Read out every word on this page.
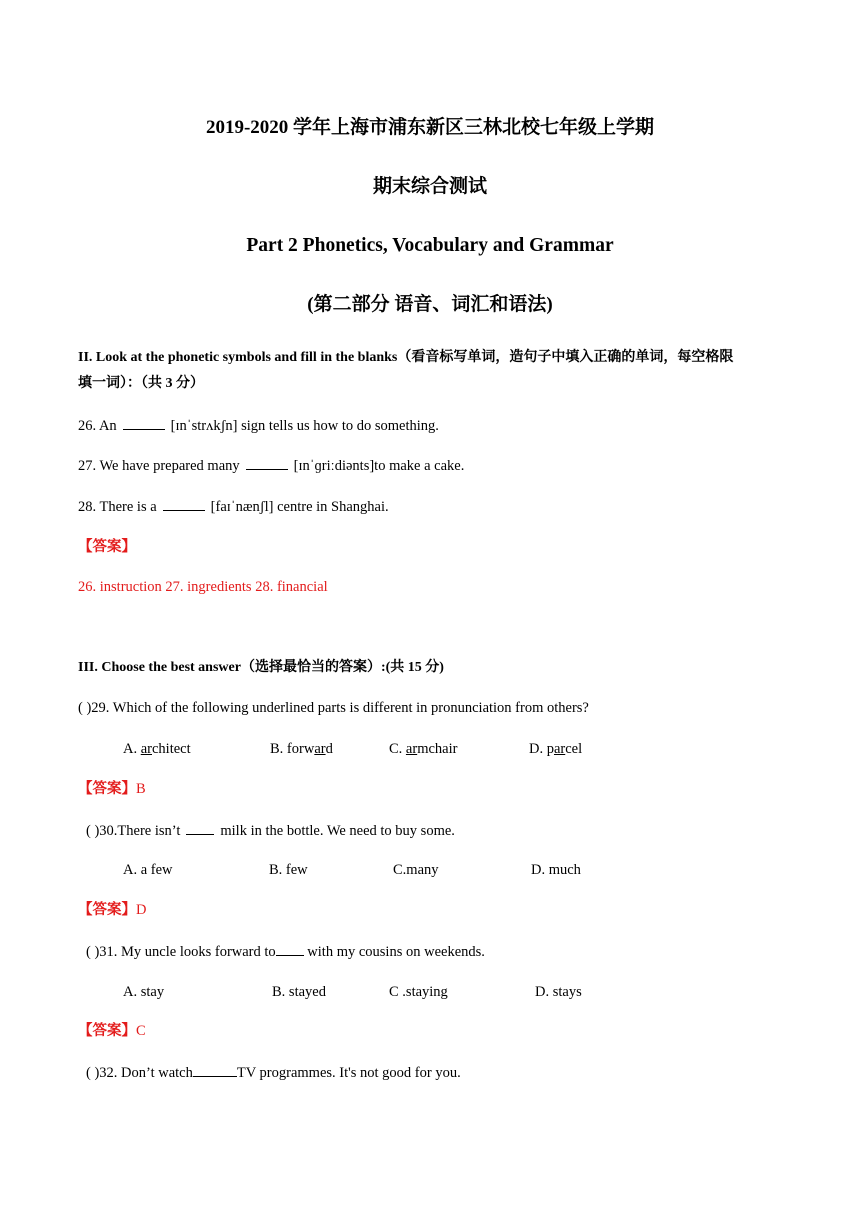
2019-2020 学年上海市浦东新区三林北校七年级上学期
期末综合测试
Part 2 Phonetics, Vocabulary and Grammar
(第二部分 语音、词汇和语法)
II. Look at the phonetic symbols and fill in the blanks（看音标写单词，造句子中填入正确的单词，每空格限
填一词）：（共 3 分）
26. An	[ɪnˈstrʌkʃn] sign tells us how to do something.
27. We have prepared many	[ɪnˈɡriːdiənts]to make a cake.
28. There is a	[faɪˈnænʃl] centre in Shanghai.
【答案】
26. instruction 27. ingredients 28. financial
III. Choose the best answer（选择最恰当的答案）:(共 15 分)
( )29. Which of the following underlined parts is different in pronunciation from others?
A. architect	B. forward	C. armchair	D. parcel
【答案】B
( )30.There isn’t	milk in the bottle. We need to buy some.
A. a few	B. few	C.many	D. much
【答案】D
( )31. My uncle looks forward to with my cousins on weekends.
A. stay	B. stayed	C .staying	D. stays
【答案】C
( )32. Don’t watch	TV programmes. It's not good for you.
